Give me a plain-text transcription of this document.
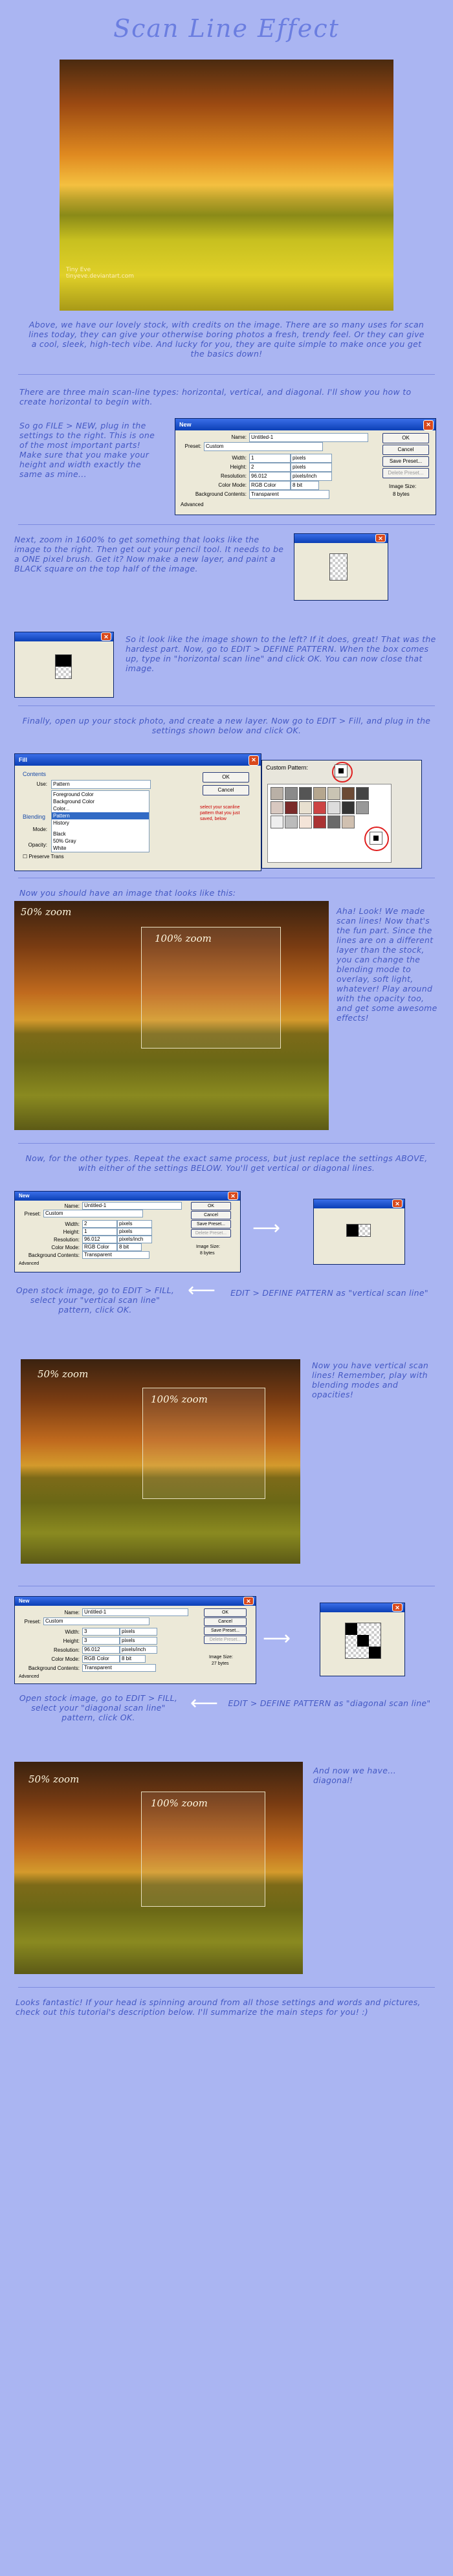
Scan Line Effect
Tiny Eve
tinyeve.deviantart.com
Above, we have our lovely stock, with credits on the image. There are so many uses for scan lines today, they can give your otherwise boring photos a fresh, trendy feel. Or they can give a cool, sleek, high-tech vibe. And lucky for you, they are quite simple to make once you get the basics down!
There are three main scan-line types: horizontal, vertical, and diagonal. I'll show you how to create horizontal to begin with.
New	✕
Name: Untitled-1
Preset: Custom
Width: 1	pixels
Height: 2	pixels
Resolution: 96.012	pixels/inch
Color Mode: RGB Color	8 bit
Background Contents: Transparent
Advanced
OK
Cancel
Save Preset...
Delete Preset...
Image Size:
8 bytes
So go FILE > NEW, plug in the settings to the right. This is one of the most important parts! Make sure that you make your height and width exactly the same as mine...
Next, zoom in 1600% to get something that looks like the image to the right. Then get out your pencil tool. It needs to be a ONE pixel brush. Get it? Now make a new layer, and paint a BLACK square on the top half of the image.
✕
✕	So it look like the image shown to the left? If it does, great! That was the hardest part. Now, go to EDIT > DEFINE PATTERN. When the box comes up, type in "horizontal scan line" and click OK. You can now close that image.
Finally, open up your stock photo, and create a new layer. Now go to EDIT > Fill, and plug in the settings shown below and click OK.
Fill	✕
Contents
Use:	Pattern
Foreground Color
Background Color
Color...
Pattern
History
Black
50% Gray
White
Blending
Mode:
Opacity:
☐ Preserve Trans
OK
Cancel
select your scanline pattern that you just saved, below
Custom Pattern:
Now you should have an image that looks like this:
50% zoom
100% zoom
Aha! Look! We made scan lines! Now that's the fun part. Since the lines are on a different layer than the stock, you can change the blending mode to overlay, soft light, whatever! Play around with the opacity too, and get some awesome effects!
Now, for the other types. Repeat the exact same process, but just replace the settings ABOVE, with either of the settings BELOW. You'll get vertical or diagonal lines.
New	✕
Name: Untitled-1
Preset: Custom
Width: 2	pixels
Height: 1	pixels
Resolution: 96.012	pixels/inch
Color Mode: RGB Color	8 bit
Background Contents: Transparent
Advanced
OK
Cancel
Save Preset...
Delete Preset...
Image Size:
8 bytes
⟶
✕
Open stock image, go to EDIT > FILL, select your "vertical scan line" pattern, click OK.
⟵	EDIT > DEFINE PATTERN as "vertical scan line"
50% zoom
100% zoom
Now you have vertical scan lines! Remember, play with blending modes and opacities!
New	✕
Name: Untitled-1
Preset: Custom
Width: 3	pixels
Height: 3	pixels
Resolution: 96.012	pixels/inch
Color Mode: RGB Color	8 bit
Background Contents: Transparent
Advanced
OK
Cancel
Save Preset...
Delete Preset...
Image Size:
27 bytes
⟶
✕
Open stock image, go to EDIT > FILL, select your "diagonal scan line" pattern, click OK.
⟵	EDIT > DEFINE PATTERN as "diagonal scan line"
50% zoom
100% zoom
And now we have... diagonal!
Looks fantastic! If your head is spinning around from all those settings and words and pictures, check out this tutorial's description below. I'll summarize the main steps for you! :)
